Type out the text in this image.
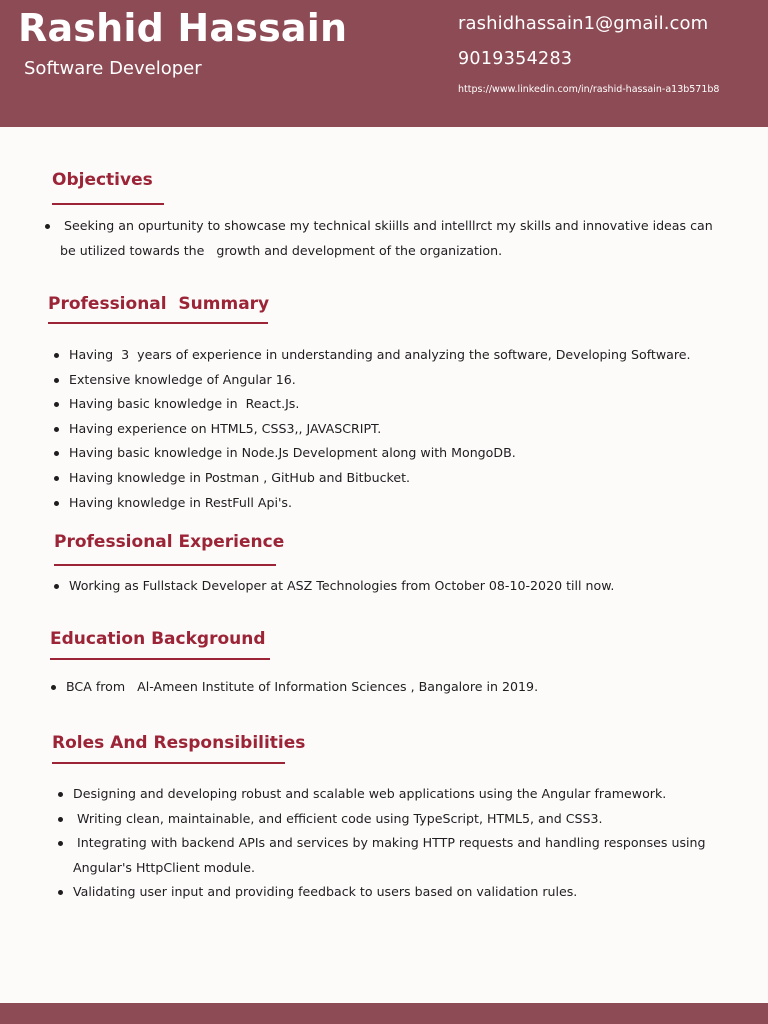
Rashid Hassain
Software Developer
rashidhassain1@gmail.com
9019354283
https://www.linkedin.com/in/rashid-hassain-a13b571b8
Objectives
Seeking an opurtunity to showcase my technical skiills and intelllrct my skills and innovative ideas can
be utilized towards the   growth and development of the organization.
Professional  Summary
Having  3  years of experience in understanding and analyzing the software, Developing Software.
Extensive knowledge of Angular 16.
Having basic knowledge in  React.Js.
Having experience on HTML5, CSS3,, JAVASCRIPT.
Having basic knowledge in Node.Js Development along with MongoDB.
Having knowledge in Postman , GitHub and Bitbucket.
Having knowledge in RestFull Api's.
Professional Experience
Working as Fullstack Developer at ASZ Technologies from October 08-10-2020 till now.
Education Background
BCA from   Al-Ameen Institute of Information Sciences , Bangalore in 2019.
Roles And Responsibilities
Designing and developing robust and scalable web applications using the Angular framework.
Writing clean, maintainable, and efficient code using TypeScript, HTML5, and CSS3.
Integrating with backend APIs and services by making HTTP requests and handling responses using
Angular's HttpClient module.
Validating user input and providing feedback to users based on validation rules.
